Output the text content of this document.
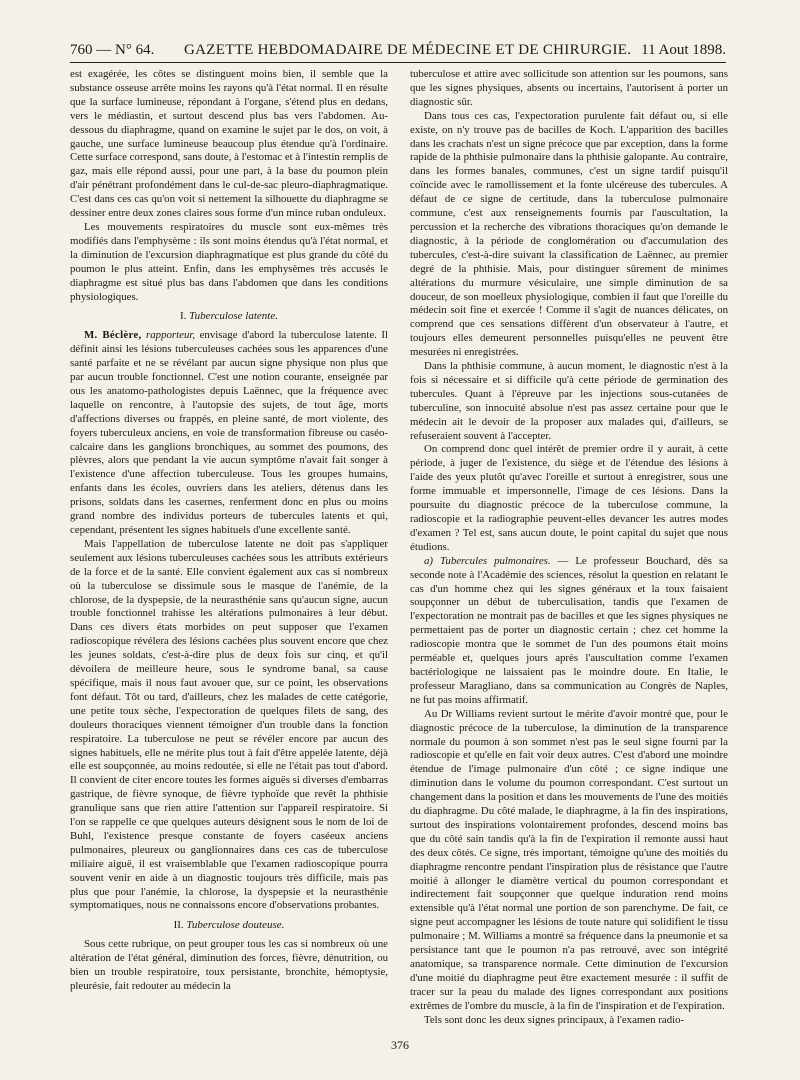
760 — N° 64. GAZETTE HEBDOMADAIRE DE MÉDECINE ET DE CHIRURGIE. 11 Aout 1898.

est exagérée, les côtes se distinguent moins bien, il semble que la substance osseuse arrête moins les rayons qu'à l'état normal. Il en résulte que la surface lumineuse, répondant à l'organe, s'étend plus en dedans, vers le médiastin, et surtout descend plus bas vers l'abdomen. Au-dessous du diaphragme, quand on examine le sujet par le dos, on voit, à gauche, une surface lumineuse beaucoup plus étendue qu'à l'ordinaire. Cette surface correspond, sans doute, à l'estomac et à l'intestin remplis de gaz, mais elle répond aussi, pour une part, à la base du poumon plein d'air pénétrant profondément dans le cul-de-sac pleuro-diaphragmatique. C'est dans ces cas qu'on voit si nettement la silhouette du diaphragme se dessiner entre deux zones claires sous forme d'un mince ruban onduleux.

Les mouvements respiratoires du muscle sont eux-mêmes très modifiés dans l'emphysème : ils sont moins étendus qu'à l'état normal, et la diminution de l'excursion diaphragmatique est plus grande du côté du poumon le plus atteint. Enfin, dans les emphysèmes très accusés le diaphragme est situé plus bas dans l'abdomen que dans les conditions physiologiques.

I. Tuberculose latente.

M. Béclère, rapporteur, envisage d'abord la tuberculose latente. Il définit ainsi les lésions tuberculeuses cachées sous les apparences d'une santé parfaite et ne se révélant par aucun signe physique non plus que par aucun trouble fonctionnel. C'est une notion courante, enseignée par ous les anatomo-pathologistes depuis Laënnec, que la fréquence avec laquelle on rencontre, à l'autopsie des sujets, de tout âge, morts d'affections diverses ou frappés, en pleine santé, de mort violente, des foyers tuberculeux anciens, en voie de transformation fibreuse ou caséo-calcaire dans les ganglions bronchiques, au sommet des poumons, des plèvres, alors que pendant la vie aucun symptôme n'avait fait songer à l'existence d'une affection tuberculeuse. Tous les groupes humains, enfants dans les écoles, ouvriers dans les ateliers, détenus dans les prisons, soldats dans les casernes, renferment donc en plus ou moins grand nombre des individus porteurs de tubercules latents et qui, cependant, présentent les signes habituels d'une excellente santé.

Mais l'appellation de tuberculose latente ne doit pas s'appliquer seulement aux lésions tuberculeuses cachées sous les attributs extérieurs de la force et de la santé. Elle convient également aux cas si nombreux où la tuberculose se dissimule sous le masque de l'anémie, de la chlorose, de la dyspepsie, de la neurasthénie sans qu'aucun signe, aucun trouble fonctionnel trahisse les altérations pulmonaires à leur début. Dans ces divers états morbides on peut supposer que l'examen radioscopique révélera des lésions cachées plus souvent encore que chez les jeunes soldats, c'est-à-dire plus de deux fois sur cinq, et qu'il dévoilera de meilleure heure, sous le syndrome banal, sa cause spécifique, mais il nous faut avouer que, sur ce point, les observations font défaut. Tôt ou tard, d'ailleurs, chez les malades de cette catégorie, une petite toux sèche, l'expectoration de quelques filets de sang, des douleurs thoraciques viennent témoigner d'un trouble dans la fonction respiratoire. La tuberculose ne peut se révéler encore par aucun des signes habituels, elle ne mérite plus tout à fait d'être appelée latente, déjà elle est soupçonnée, au moins redoutée, si elle ne l'était pas tout d'abord. Il convient de citer encore toutes les formes aiguës si diverses d'embarras gastrique, de fièvre synoque, de fièvre typhoïde que revêt la phthisie granulique sans que rien attire l'attention sur l'appareil respiratoire. Si l'on se rappelle ce que quelques auteurs désignent sous le nom de loi de Buhl, l'existence presque constante de foyers caséeux anciens pulmonaires, pleureux ou ganglionnaires dans ces cas de tuberculose miliaire aiguë, il est vraisemblable que l'examen radioscopique pourra souvent venir en aide à un diagnostic toujours très difficile, mais pas plus que pour l'anémie, la chlorose, la dyspepsie et la neurasthénie symptomatiques, nous ne connaissons encore d'observations probantes.

II. Tuberculose douteuse.

Sous cette rubrique, on peut grouper tous les cas si nombreux où une altération de l'état général, diminution des forces, fièvre, dénutrition, ou bien un trouble respiratoire, toux persistante, bronchite, hémoptysie, pleurésie, fait redouter au médecin la

tuberculose et attire avec sollicitude son attention sur les poumons, sans que les signes physiques, absents ou incertains, l'autorisent à porter un diagnostic sûr.

Dans tous ces cas, l'expectoration purulente fait défaut ou, si elle existe, on n'y trouve pas de bacilles de Koch. L'apparition des bacilles dans les crachats n'est un signe précoce que par exception, dans la forme rapide de la phthisie pulmonaire dans la phthisie galopante. Au contraire, dans les formes banales, communes, c'est un signe tardif puisqu'il coïncide avec le ramollissement et la fonte ulcéreuse des tubercules. A défaut de ce signe de certitude, dans la tuberculose pulmonaire commune, c'est aux renseignements fournis par l'auscultation, la percussion et la recherche des vibrations thoraciques qu'on demande le diagnostic, à la période de conglomération ou d'accumulation des tubercules, c'est-à-dire suivant la classification de Laënnec, au premier degré de la phthisie. Mais, pour distinguer sûrement de minimes altérations du murmure vésiculaire, une simple diminution de sa douceur, de son moelleux physiologique, combien il faut que l'oreille du médecin soit fine et exercée ! Comme il s'agit de nuances délicates, on comprend que ces sensations diffèrent d'un observateur à l'autre, et toujours elles demeurent personnelles puisqu'elles ne peuvent être mesurées ni enregistrées.

Dans la phthisie commune, à aucun moment, le diagnostic n'est à la fois si nécessaire et si difficile qu'à cette période de germination des tubercules. Quant à l'épreuve par les injections sous-cutanées de tuberculine, son innocuité absolue n'est pas assez certaine pour que le médecin ait le devoir de la proposer aux malades qui, d'ailleurs, se refuseraient souvent à l'accepter.

On comprend donc quel intérêt de premier ordre il y aurait, à cette période, à juger de l'existence, du siège et de l'étendue des lésions à l'aide des yeux plutôt qu'avec l'oreille et surtout à enregistrer, sous une forme immuable et impersonnelle, l'image de ces lésions. Dans la poursuite du diagnostic précoce de la tuberculose commune, la radioscopie et la radiographie peuvent-elles devancer les autres modes d'examen ? Tel est, sans aucun doute, le point capital du sujet que nous étudions.

a) Tubercules pulmonaires. — Le professeur Bouchard, dès sa seconde note à l'Académie des sciences, résolut la question en relatant le cas d'un homme chez qui les signes généraux et la toux faisaient soupçonner un début de tuberculisation, tandis que l'examen de l'expectoration ne montrait pas de bacilles et que les signes physiques ne permettaient pas de porter un diagnostic certain ; chez cet homme la radioscopie montra que le sommet de l'un des poumons était moins perméable et, quelques jours après l'auscultation comme l'examen bactériologique ne laissaient pas le moindre doute. En Italie, le professeur Maragliano, dans sa communication au Congrès de Naples, ne fut pas moins affirmatif.

Au Dr Williams revient surtout le mérite d'avoir montré que, pour le diagnostic précoce de la tuberculose, la diminution de la transparence normale du poumon à son sommet n'est pas le seul signe fourni par la radioscopie et qu'elle en fait voir deux autres. C'est d'abord une moindre étendue de l'image pulmonaire d'un côté ; ce signe indique une diminution dans le volume du poumon correspondant. C'est surtout un changement dans la position et dans les mouvements de l'une des moitiés du diaphragme. Du côté malade, le diaphragme, à la fin des inspirations, surtout des inspirations volontairement profondes, descend moins bas que du côté sain tandis qu'à la fin de l'expiration il remonte aussi haut des deux côtés. Ce signe, très important, témoigne qu'une des moitiés du diaphragme rencontre pendant l'inspiration plus de résistance que l'autre moitié à allonger le diamètre vertical du poumon correspondant et indirectement fait soupçonner que quelque induration rend moins extensible qu'à l'état normal une portion de son parenchyme. De fait, ce signe peut accompagner les lésions de toute nature qui solidifient le tissu pulmonaire ; M. Williams a montré sa fréquence dans la pneumonie et sa persistance tant que le poumon n'a pas retrouvé, avec son intégrité anatomique, sa transparence normale. Cette diminution de l'excursion d'une moitié du diaphragme peut être exactement mesurée : il suffit de tracer sur la peau du malade des lignes correspondant aux positions extrêmes de l'ombre du muscle, à la fin de l'inspiration et de l'expiration.

Tels sont donc les deux signes principaux, à l'examen radio-

376
